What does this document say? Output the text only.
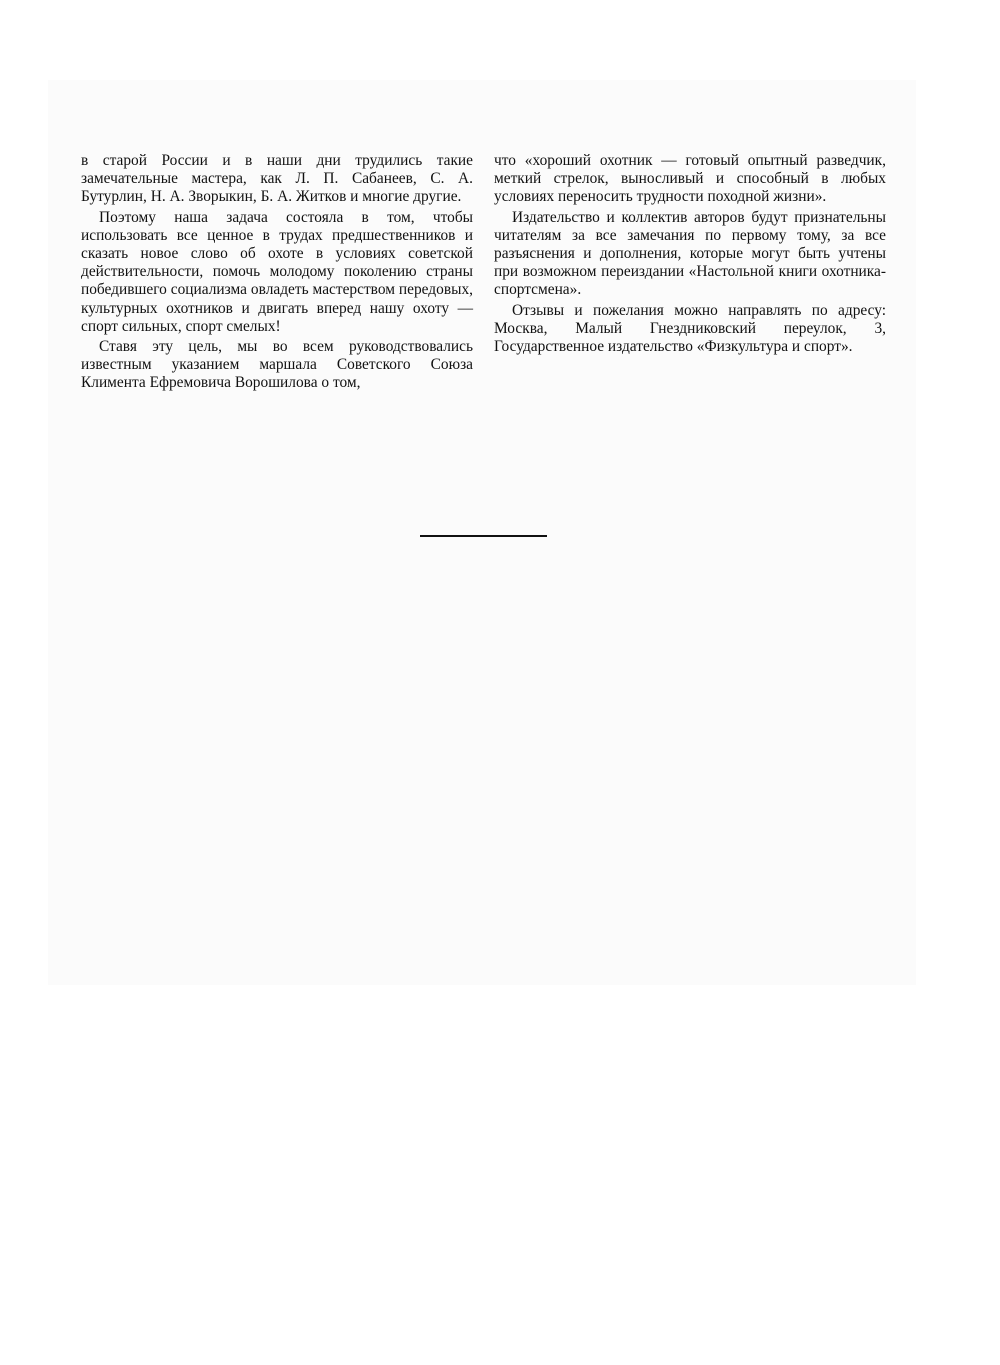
в старой России и в наши дни трудились такие замечательные мастера, как Л. П. Сабанеев, С. А. Бутурлин, Н. А. Зворыкин, Б. А. Житков и многие другие.

Поэтому наша задача состояла в том, чтобы использовать все ценное в трудах предшественников и сказать новое слово об охоте в условиях советской действительности, помочь молодому поколению страны победившего социализма овладеть мастерством передовых, культурных охотников и двигать вперед нашу охоту — спорт сильных, спорт смелых!

Ставя эту цель, мы во всем руководствовались известным указанием маршала Советского Союза Климента Ефремовича Ворошилова о том,

что «хороший охотник — готовый опытный разведчик, меткий стрелок, выносливый и способный в любых условиях переносить трудности походной жизни».

Издательство и коллектив авторов будут признательны читателям за все замечания по первому тому, за все разъяснения и дополнения, которые могут быть учтены при возможном переиздании «Настольной книги охотника-спортсмена».

Отзывы и пожелания можно направлять по адресу: Москва, Малый Гнездниковский переулок, 3, Государственное издательство «Физкультура и спорт».
